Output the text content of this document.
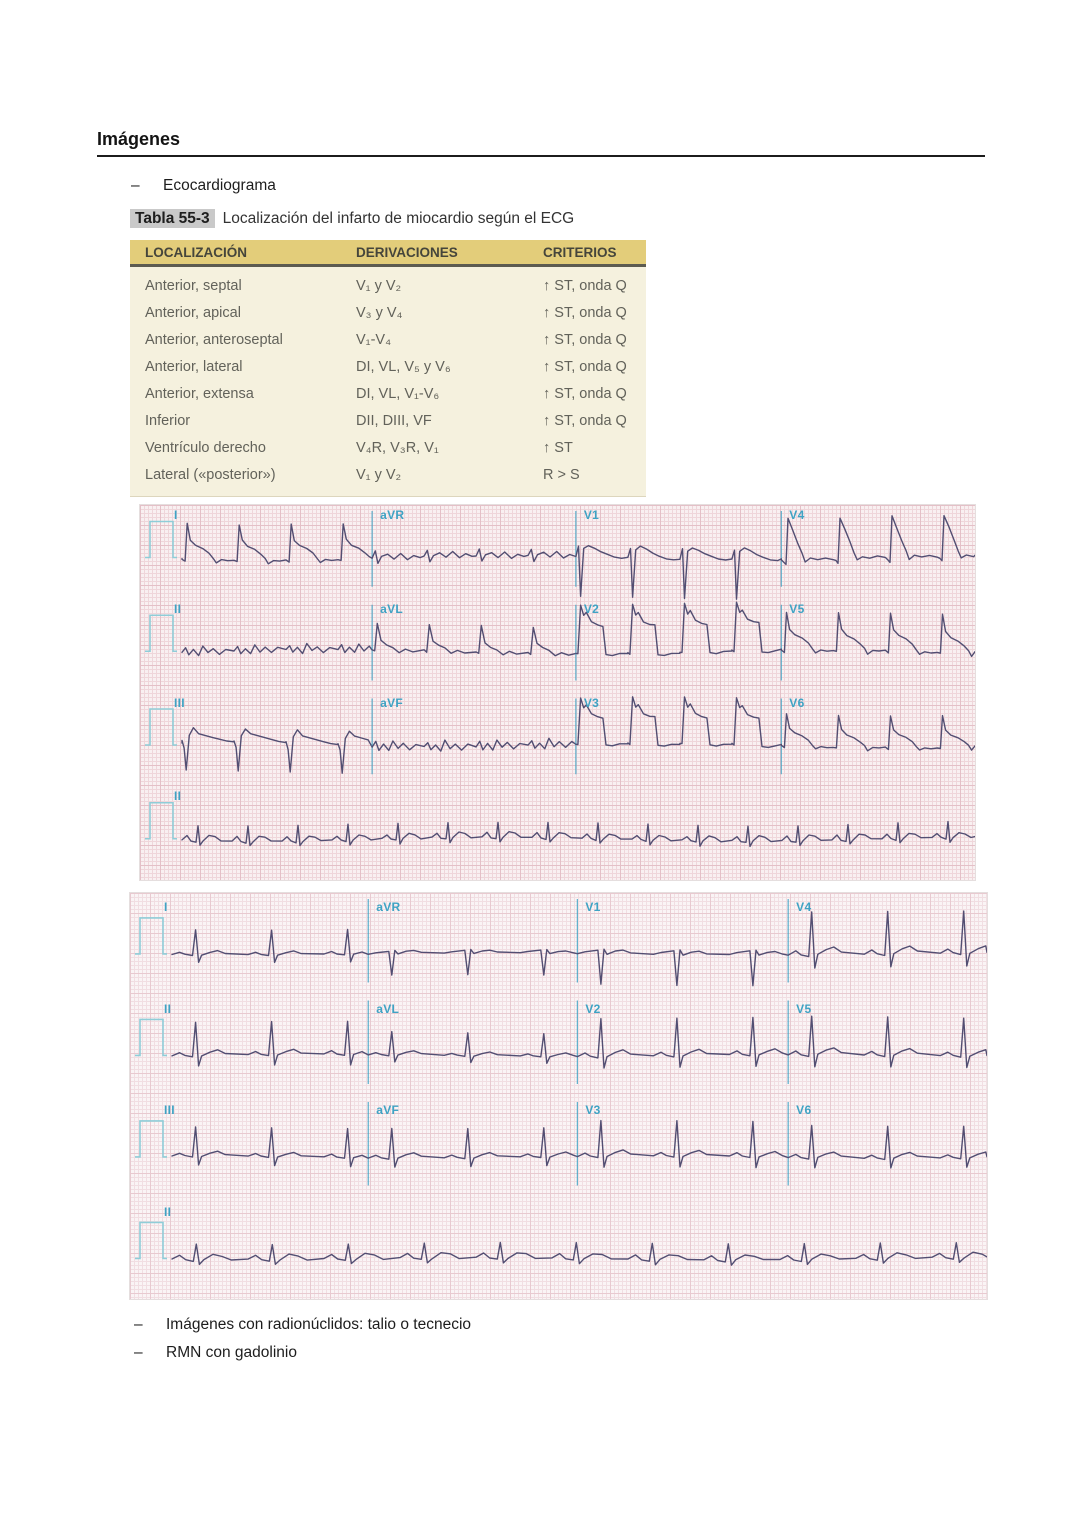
Imágenes
– Ecocardiograma
Tabla 55-3 Localización del infarto de miocardio según el ECG
LOCALIZACIÓN	DERIVACIONES	CRITERIOS
Anterior, septal	V₁ y V₂	↑ ST, onda Q
Anterior, apical	V₃ y V₄	↑ ST, onda Q
Anterior, anteroseptal	V₁-V₄	↑ ST, onda Q
Anterior, lateral	DI, VL, V₅ y V₆	↑ ST, onda Q
Anterior, extensa	DI, VL, V₁-V₆	↑ ST, onda Q
Inferior	DII, DIII, VF	↑ ST, onda Q
Ventrículo derecho	V₄R, V₃R, V₁	↑ ST
Lateral («posterior»)	V₁ y V₂	R > S
I	aVR	V1	V4
II	aVL	V2	V5
III	aVF	V3	V6
II
I	aVR	V1	V4
II	aVL	V2	V5
III	aVF	V3	V6
II
– Imágenes con radionúclidos: talio o tecnecio
– RMN con gadolinio
